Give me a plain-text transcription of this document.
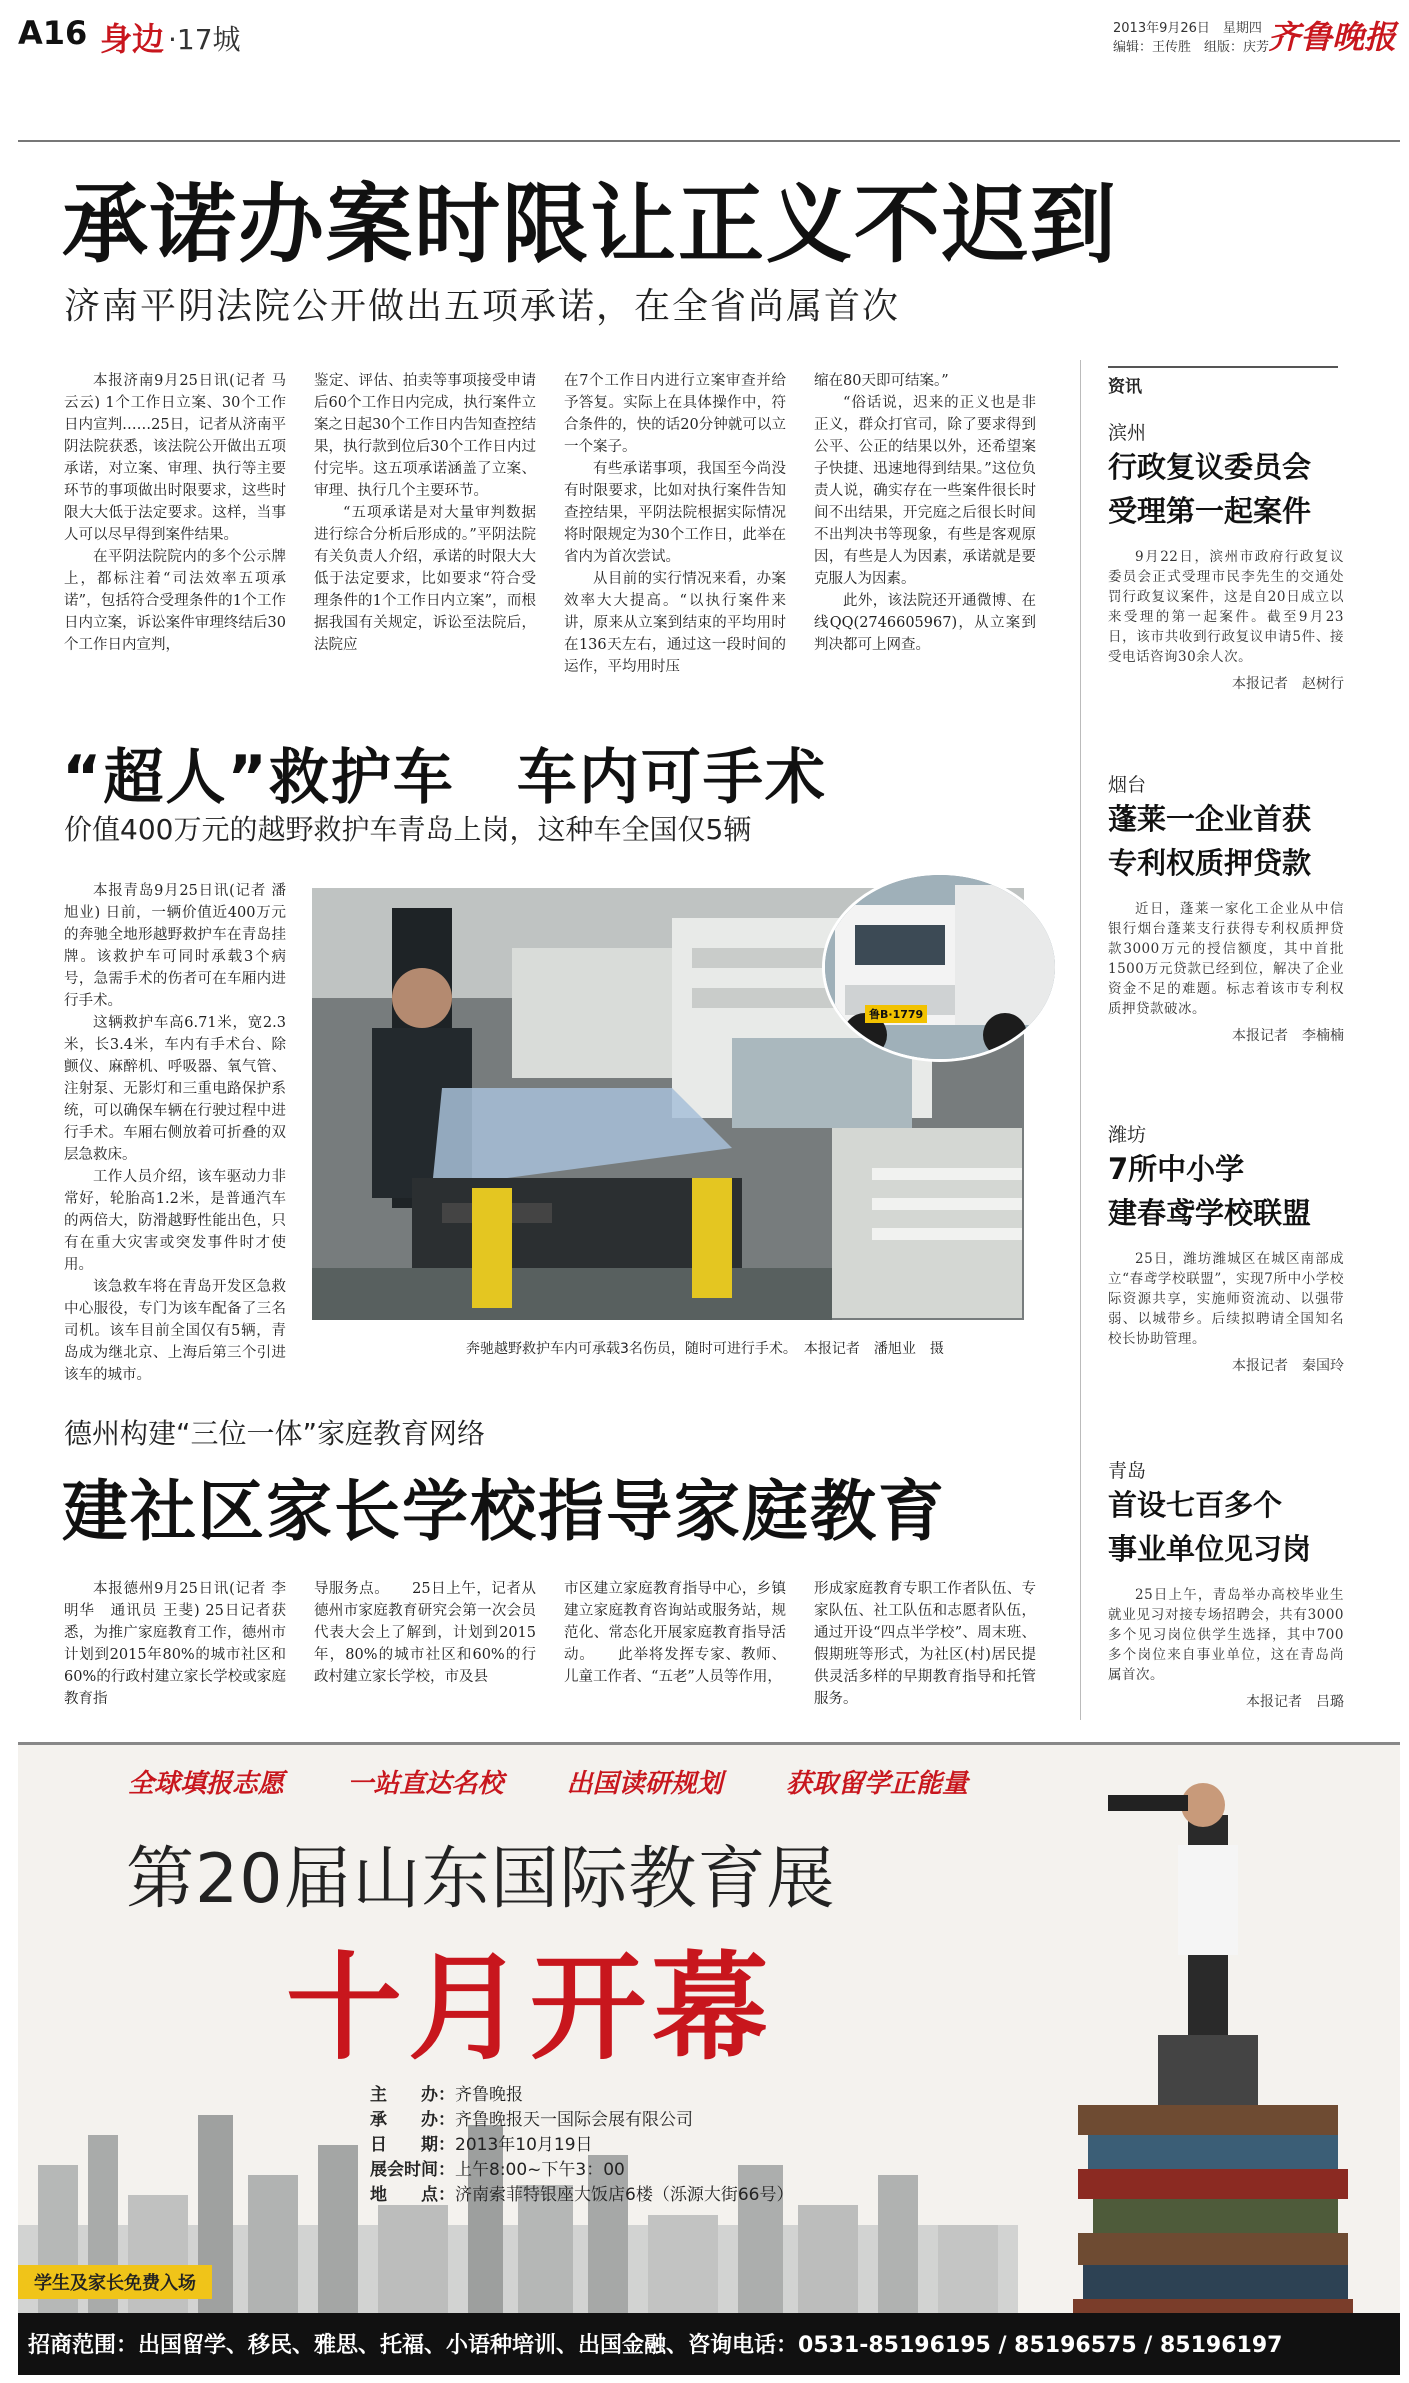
A16 身边 ·17城	2013年9月26日　星期四
编辑：王传胜　组版：庆芳
齐鲁晚报
承诺办案时限让正义不迟到
济南平阴法院公开做出五项承诺，在全省尚属首次

本报济南9月25日讯(记者 马云云) 1个工作日立案、30个工作日内宣判……25日，记者从济南平阴法院获悉，该法院公开做出五项承诺，对立案、审理、执行等主要环节的事项做出时限要求，这些时限大大低于法定要求。这样，当事人可以尽早得到案件结果。

在平阴法院院内的多个公示牌上，都标注着“司法效率五项承诺”，包括符合受理条件的1个工作日内立案，诉讼案件审理终结后30个工作日内宣判，

鉴定、评估、拍卖等事项接受申请后60个工作日内完成，执行案件立案之日起30个工作日内告知查控结果，执行款到位后30个工作日内过付完毕。这五项承诺涵盖了立案、审理、执行几个主要环节。

“五项承诺是对大量审判数据进行综合分析后形成的。”平阴法院有关负责人介绍，承诺的时限大大低于法定要求，比如要求“符合受理条件的1个工作日内立案”，而根据我国有关规定，诉讼至法院后，法院应

在7个工作日内进行立案审查并给予答复。实际上在具体操作中，符合条件的，快的话20分钟就可以立一个案子。

有些承诺事项，我国至今尚没有时限要求，比如对执行案件告知查控结果，平阴法院根据实际情况将时限规定为30个工作日，此举在省内为首次尝试。

从目前的实行情况来看，办案效率大大提高。“以执行案件来讲，原来从立案到结束的平均用时在136天左右，通过这一段时间的运作，平均用时压

缩在80天即可结案。”

“俗话说，迟来的正义也是非正义，群众打官司，除了要求得到公平、公正的结果以外，还希望案子快捷、迅速地得到结果。”这位负责人说，确实存在一些案件很长时间不出结果，开完庭之后很长时间不出判决书等现象，有些是客观原因，有些是人为因素，承诺就是要克服人为因素。

此外，该法院还开通微博、在线QQ(2746605967)，从立案到判决都可上网查。

“超人”救护车　车内可手术
价值400万元的越野救护车青岛上岗，这种车全国仅5辆

本报青岛9月25日讯(记者 潘旭业) 日前，一辆价值近400万元的奔驰全地形越野救护车在青岛挂牌。该救护车可同时承载3个病号，急需手术的伤者可在车厢内进行手术。

这辆救护车高6.71米，宽2.3米，长3.4米，车内有手术台、除颤仪、麻醉机、呼吸器、氧气管、注射泵、无影灯和三重电路保护系统，可以确保车辆在行驶过程中进行手术。车厢右侧放着可折叠的双层急救床。

工作人员介绍，该车驱动力非常好，轮胎高1.2米，是普通汽车的两倍大，防滑越野性能出色，只有在重大灾害或突发事件时才使用。

该急救车将在青岛开发区急救中心服役，专门为该车配备了三名司机。该车目前全国仅有5辆，青岛成为继北京、上海后第三个引进该车的城市。

鲁B·1779
奔驰越野救护车内可承载3名伤员，随时可进行手术。　本报记者　潘旭业　摄
德州构建“三位一体”家庭教育网络
建社区家长学校指导家庭教育

本报德州9月25日讯(记者 李明华　通讯员 王斐) 25日记者获悉，为推广家庭教育工作，德州市计划到2015年80%的城市社区和60%的行政村建立家长学校或家庭教育指

导服务点。　　25日上午，记者从德州市家庭教育研究会第一次会员代表大会上了解到，计划到2015年，80%的城市社区和60%的行政村建立家长学校，市及县

市区建立家庭教育指导中心，乡镇建立家庭教育咨询站或服务站，规范化、常态化开展家庭教育指导活动。　　此举将发挥专家、教师、儿童工作者、“五老”人员等作用，

形成家庭教育专职工作者队伍、专家队伍、社工队伍和志愿者队伍，通过开设“四点半学校”、周末班、假期班等形式，为社区(村)居民提供灵活多样的早期教育指导和托管服务。

资讯
滨州
行政复议委员会
受理第一起案件

9月22日，滨州市政府行政复议委员会正式受理市民李先生的交通处罚行政复议案件，这是自20日成立以来受理的第一起案件。截至9月23日，该市共收到行政复议申请5件、接受电话咨询30余人次。

本报记者　赵树行
烟台
蓬莱一企业首获
专利权质押贷款

近日，蓬莱一家化工企业从中信银行烟台蓬莱支行获得专利权质押贷款3000万元的授信额度，其中首批1500万元贷款已经到位，解决了企业资金不足的难题。标志着该市专利权质押贷款破冰。

本报记者　李楠楠
潍坊
7所中小学
建春鸢学校联盟

25日，潍坊潍城区在城区南部成立“春鸢学校联盟”，实现7所中小学校际资源共享，实施师资流动、以强带弱、以城带乡。后续拟聘请全国知名校长协助管理。

本报记者　秦国玲
青岛
首设七百多个
事业单位见习岗

25日上午，青岛举办高校毕业生就业见习对接专场招聘会，共有3000多个见习岗位供学生选择，其中700多个岗位来自事业单位，这在青岛尚属首次。

本报记者　吕璐
全球填报志愿 一站直达名校 出国读研规划 获取留学正能量
第20届山东国际教育展
十月开幕
主　　办：齐鲁晚报
承　　办：齐鲁晚报天一国际会展有限公司
日　　期：2013年10月19日
展会时间：上午8:00~下午3：00
地　　点：济南索菲特银座大饭店6楼（泺源大街66号）
学生及家长免费入场
招商范围：出国留学、移民、雅思、托福、小语种培训、出国金融、咨询电话：0531-85196195 / 85196575 / 85196197
